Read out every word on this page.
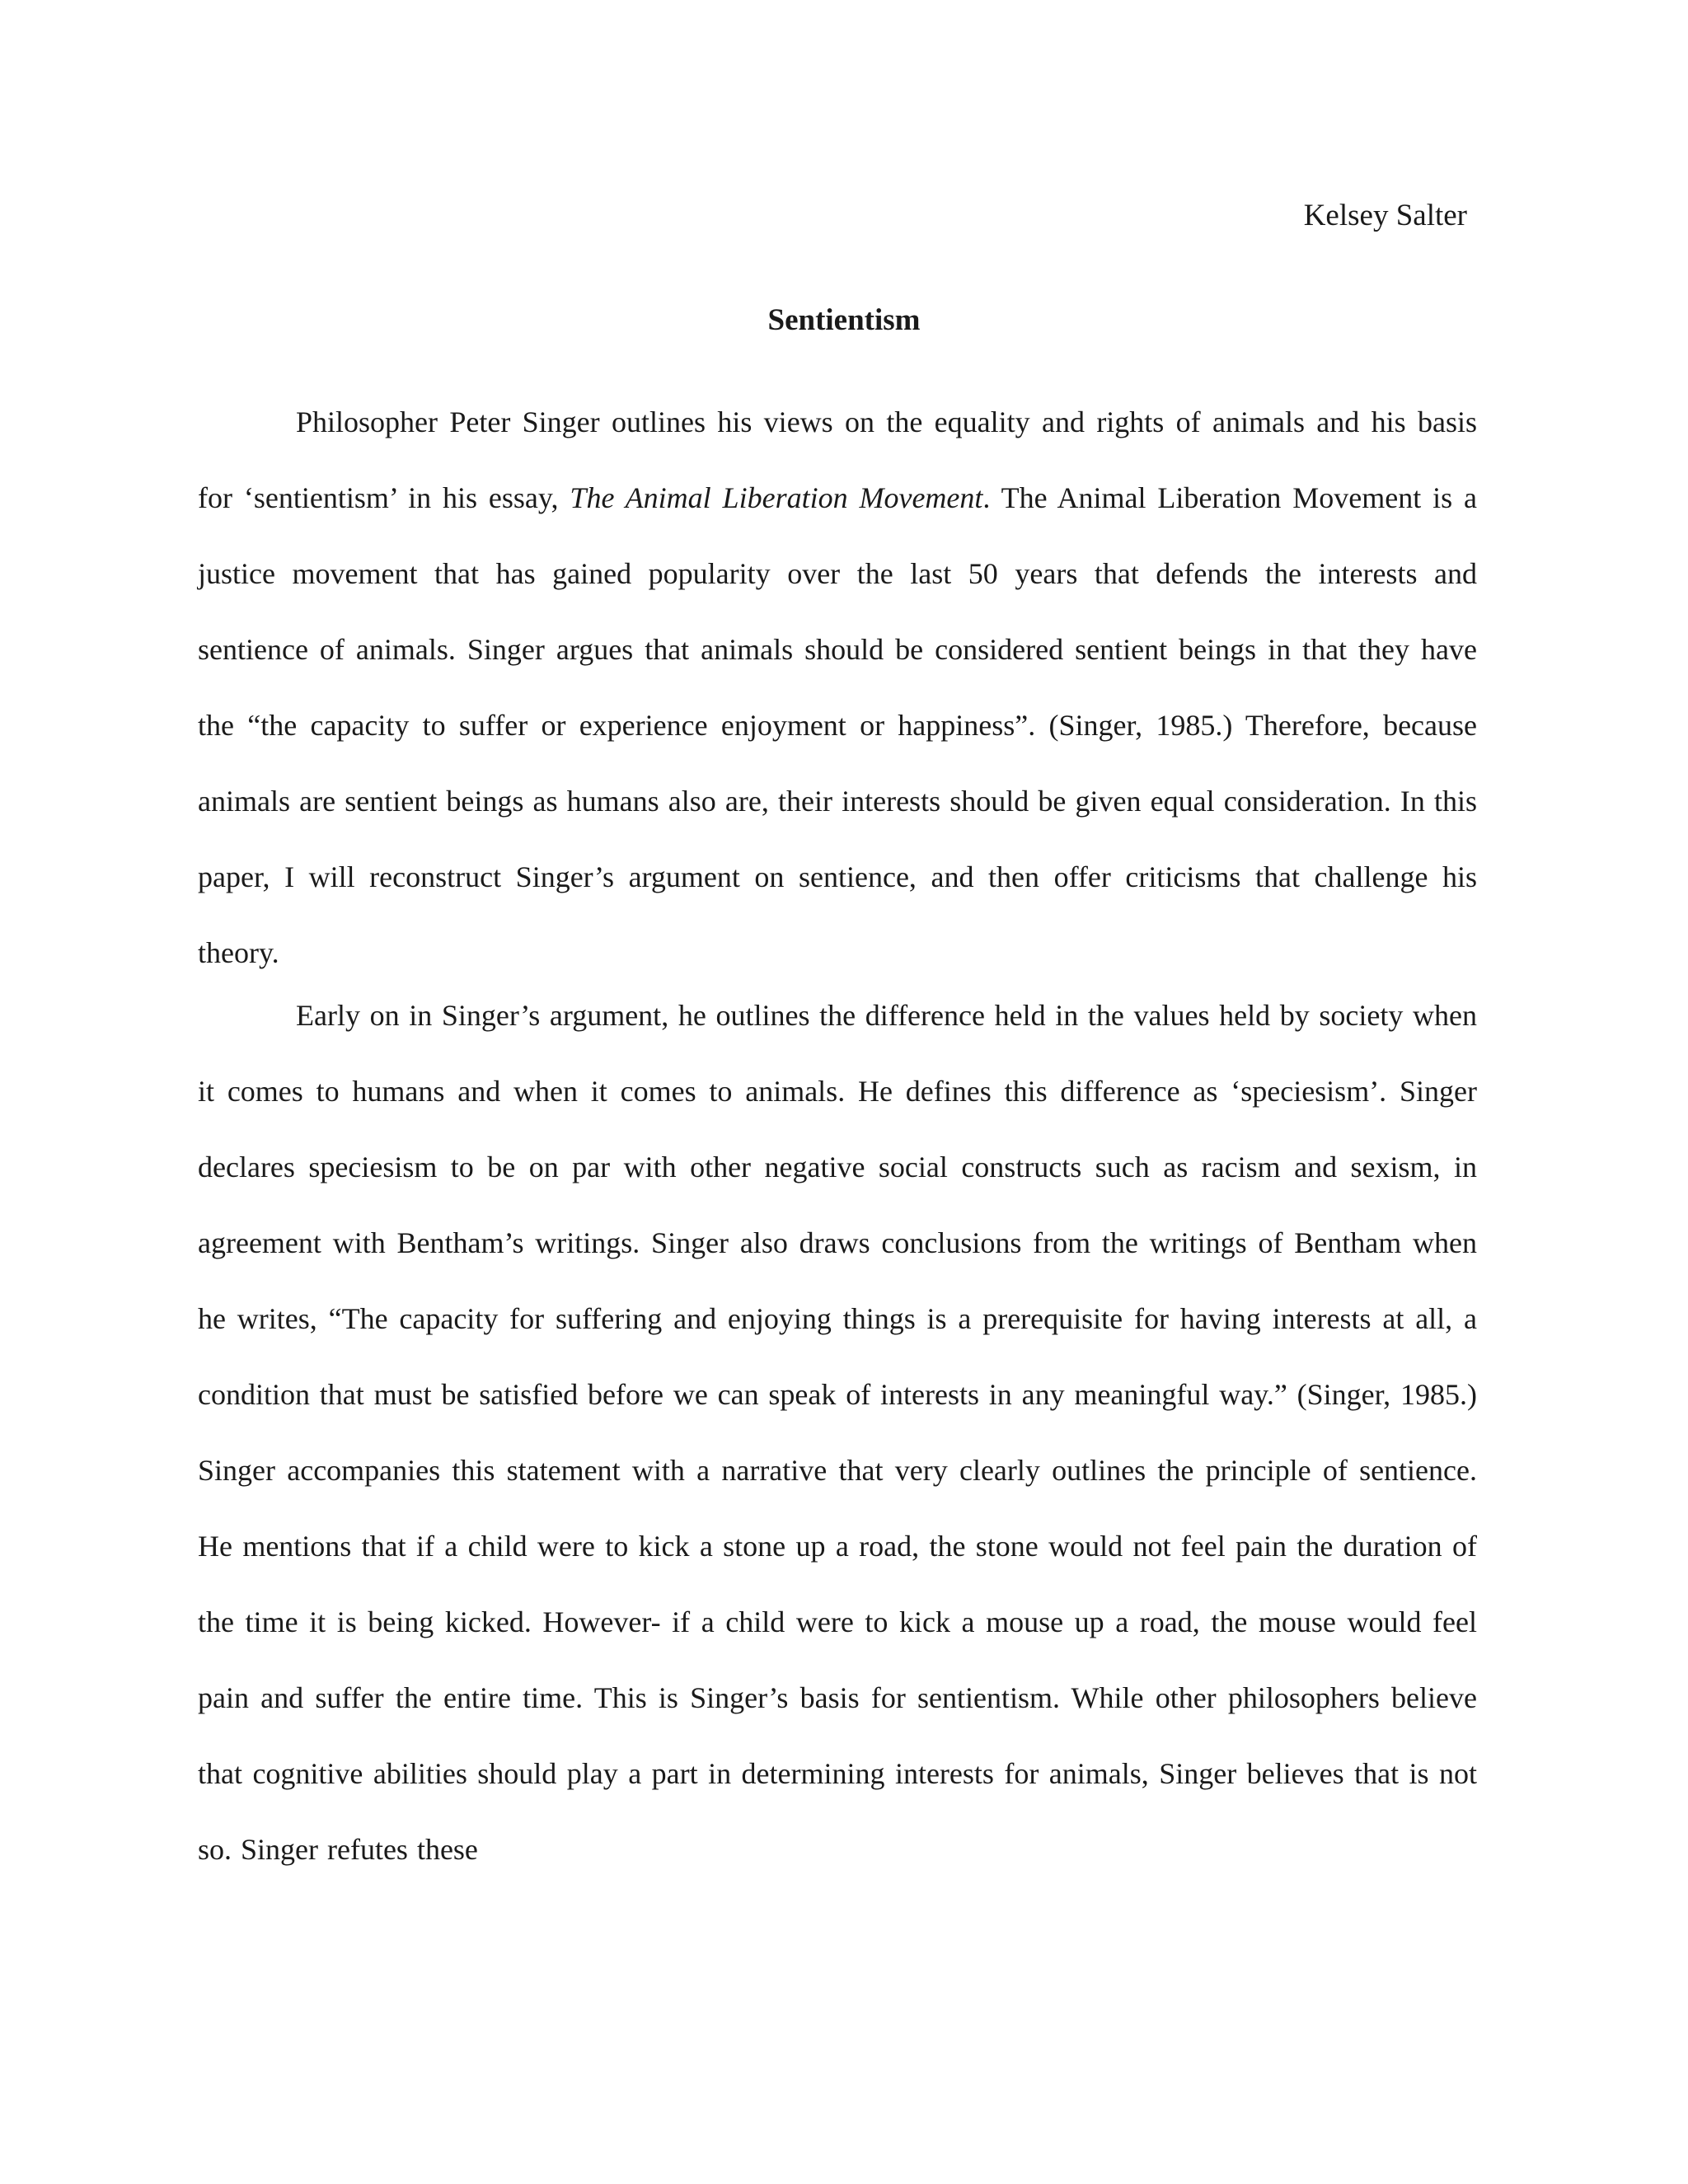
Kelsey Salter

Sentientism

Philosopher Peter Singer outlines his views on the equality and rights of animals and his basis for ‘sentientism’ in his essay, The Animal Liberation Movement. The Animal Liberation Movement is a justice movement that has gained popularity over the last 50 years that defends the interests and sentience of animals. Singer argues that animals should be considered sentient beings in that they have the “the capacity to suffer or experience enjoyment or happiness”. (Singer, 1985.) Therefore, because animals are sentient beings as humans also are, their interests should be given equal consideration. In this paper, I will reconstruct Singer’s argument on sentience, and then offer criticisms that challenge his theory.

Early on in Singer’s argument, he outlines the difference held in the values held by society when it comes to humans and when it comes to animals. He defines this difference as ‘speciesism’. Singer declares speciesism to be on par with other negative social constructs such as racism and sexism, in agreement with Bentham’s writings. Singer also draws conclusions from the writings of Bentham when he writes, “The capacity for suffering and enjoying things is a prerequisite for having interests at all, a condition that must be satisfied before we can speak of interests in any meaningful way.” (Singer, 1985.) Singer accompanies this statement with a narrative that very clearly outlines the principle of sentience. He mentions that if a child were to kick a stone up a road, the stone would not feel pain the duration of the time it is being kicked. However- if a child were to kick a mouse up a road, the mouse would feel pain and suffer the entire time. This is Singer’s basis for sentientism. While other philosophers believe that cognitive abilities should play a part in determining interests for animals, Singer believes that is not so. Singer refutes these
